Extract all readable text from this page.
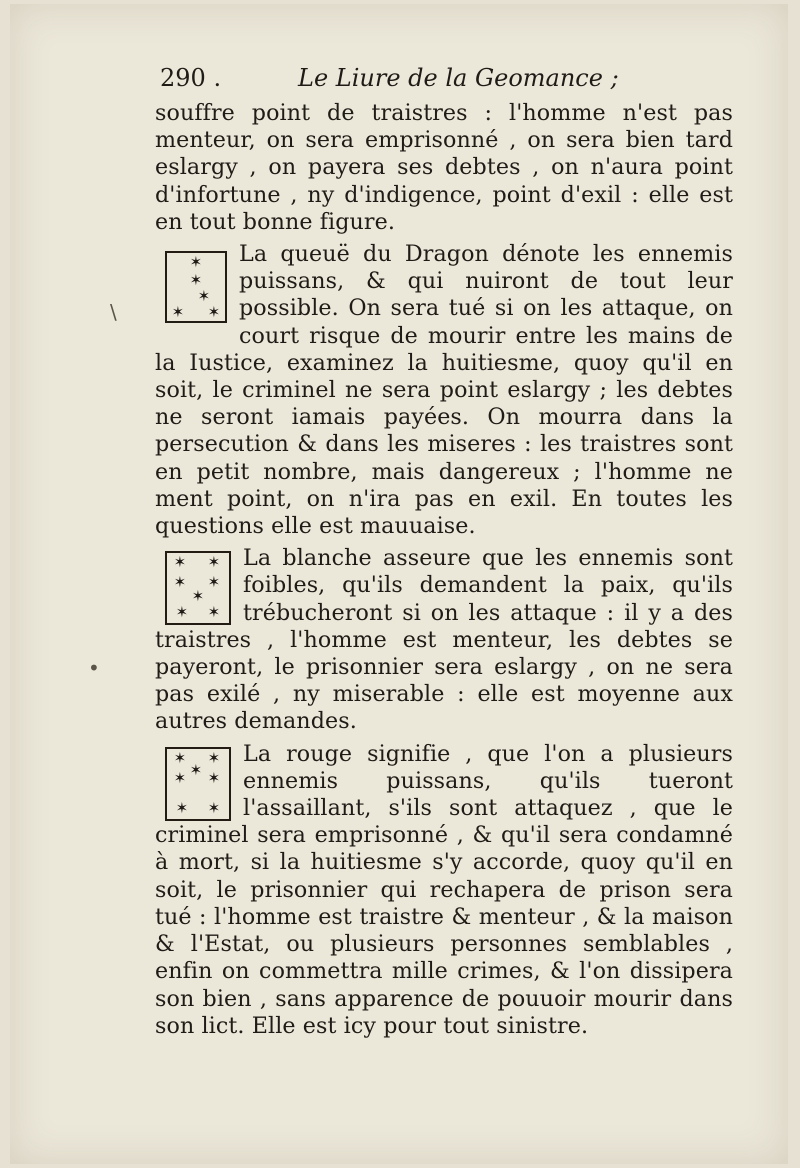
290 .	Le Liure de la Geomance ;

souffre point de traistres : l'homme n'est pas menteur, on sera emprisonné , on sera bien tard eslargy , on payera ses debtes , on n'aura point d'infortune , ny d'indigence, point d'exil : elle est en tout bonne figure.

✶
✶
✶
✶ ✶

La queuë du Dragon dénote les ennemis puissans, & qui nuiront de tout leur possible. On sera tué si on les attaque, on court risque de mourir entre les mains de la Iustice, examinez la huitiesme, quoy qu'il en soit, le criminel ne sera point eslargy ; les debtes ne seront iamais payées. On mourra dans la persecution & dans les miseres : les traistres sont en petit nombre, mais dangereux ; l'homme ne ment point, on n'ira pas en exil. En toutes les questions elle est mauuaise.

✶ ✶
✶ ✶
✶
✶ ✶

La blanche asseure que les ennemis sont foibles, qu'ils demandent la paix, qu'ils trébucheront si on les attaque : il y a des traistres , l'homme est menteur, les debtes se payeront, le prisonnier sera eslargy , on ne sera pas exilé , ny miserable : elle est moyenne aux autres demandes.

✶ ✶
✶ ✶
✶
✶ ✶

La rouge signifie , que l'on a plusieurs ennemis puissans, qu'ils tueront l'assaillant, s'ils sont attaquez , que le criminel sera emprisonné , & qu'il sera condamné à mort, si la huitiesme s'y accorde, quoy qu'il en soit, le prisonnier qui rechapera de prison sera tué : l'homme est traistre & menteur , & la maison & l'Estat, ou plusieurs personnes semblables , enfin on commettra mille crimes, & l'on dissipera son bien , sans apparence de pouuoir mourir dans son lict. Elle est icy pour tout sinistre.

\
•
